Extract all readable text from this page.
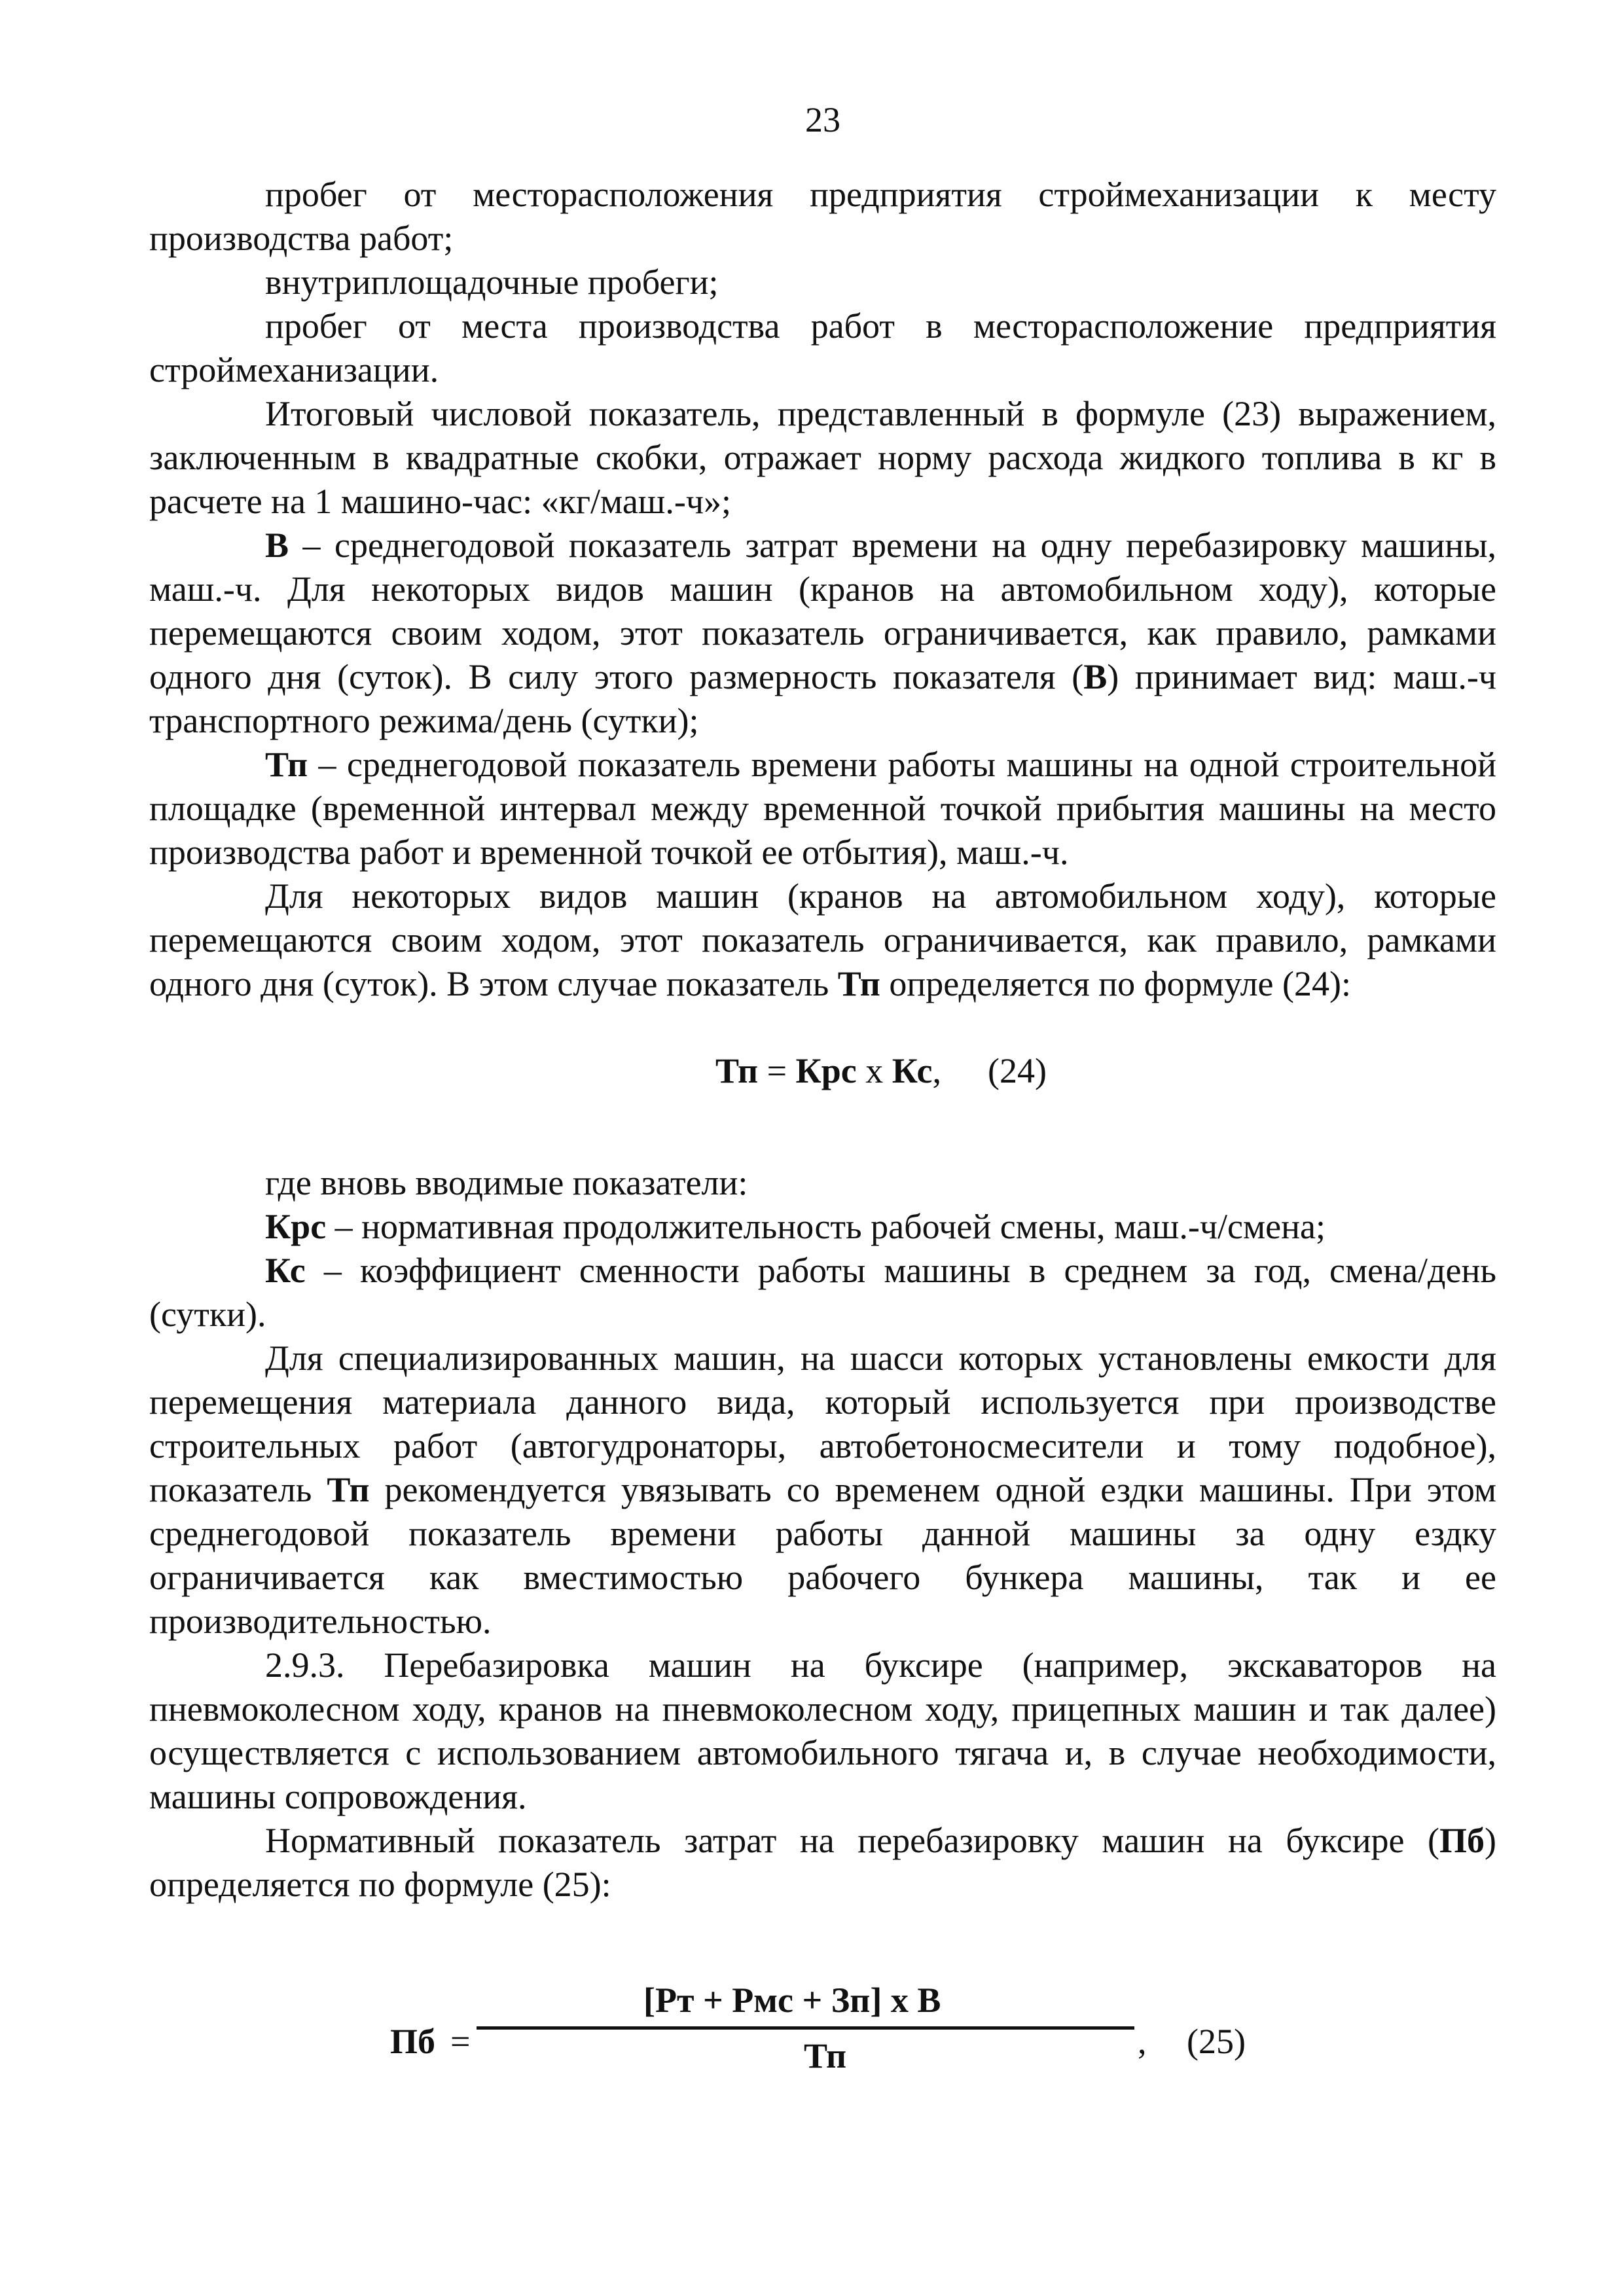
23

пробег от месторасположения предприятия строймеханизации к месту производства работ;

внутриплощадочные пробеги;

пробег от места производства работ в месторасположение предприятия строймеханизации.

Итоговый числовой показатель, представленный в формуле (23) выражением, заключенным в квадратные скобки, отражает норму расхода жидкого топлива в кг в расчете на 1 машино-час: «кг/маш.-ч»;

В – среднегодовой показатель затрат времени на одну перебазировку машины, маш.-ч. Для некоторых видов машин (кранов на автомобильном ходу), которые перемещаются своим ходом, этот показатель ограничивается, как правило, рамками одного дня (суток). В силу этого размерность показателя (В) принимает вид: маш.-ч транспортного режима/день (сутки);

Тп – среднегодовой показатель времени работы машины на одной строительной площадке (временной интервал между временной точкой прибытия машины на место производства работ и временной точкой ее отбытия), маш.-ч.

Для некоторых видов машин (кранов на автомобильном ходу), которые перемещаются своим ходом, этот показатель ограничивается, как правило, рамками одного дня (суток). В этом случае показатель Тп определяется по формуле (24):

Тп = Крс х Кс, (24)

где вновь вводимые показатели:

Крс – нормативная продолжительность рабочей смены, маш.-ч/смена;

Кс – коэффициент сменности работы машины в среднем за год, смена/день (сутки).

Для специализированных машин, на шасси которых установлены емкости для перемещения материала данного вида, который используется при производстве строительных работ (автогудронаторы, автобетоносмесители и тому подобное), показатель Тп рекомендуется увязывать со временем одной ездки машины. При этом среднегодовой показатель времени работы данной машины за одну ездку ограничивается как вместимостью рабочего бункера машины, так и ее производительностью.

2.9.3. Перебазировка машин на буксире (например, экскаваторов на пневмоколесном ходу, кранов на пневмоколесном ходу, прицепных машин и так далее) осуществляется с использованием автомобильного тягача и, в случае необходимости, машины сопровождения.

Нормативный показатель затрат на перебазировку машин на буксире (Пб) определяется по формуле (25):

Пб =
[Рт + Рмс + Зп] х В
Тп	, (25)
